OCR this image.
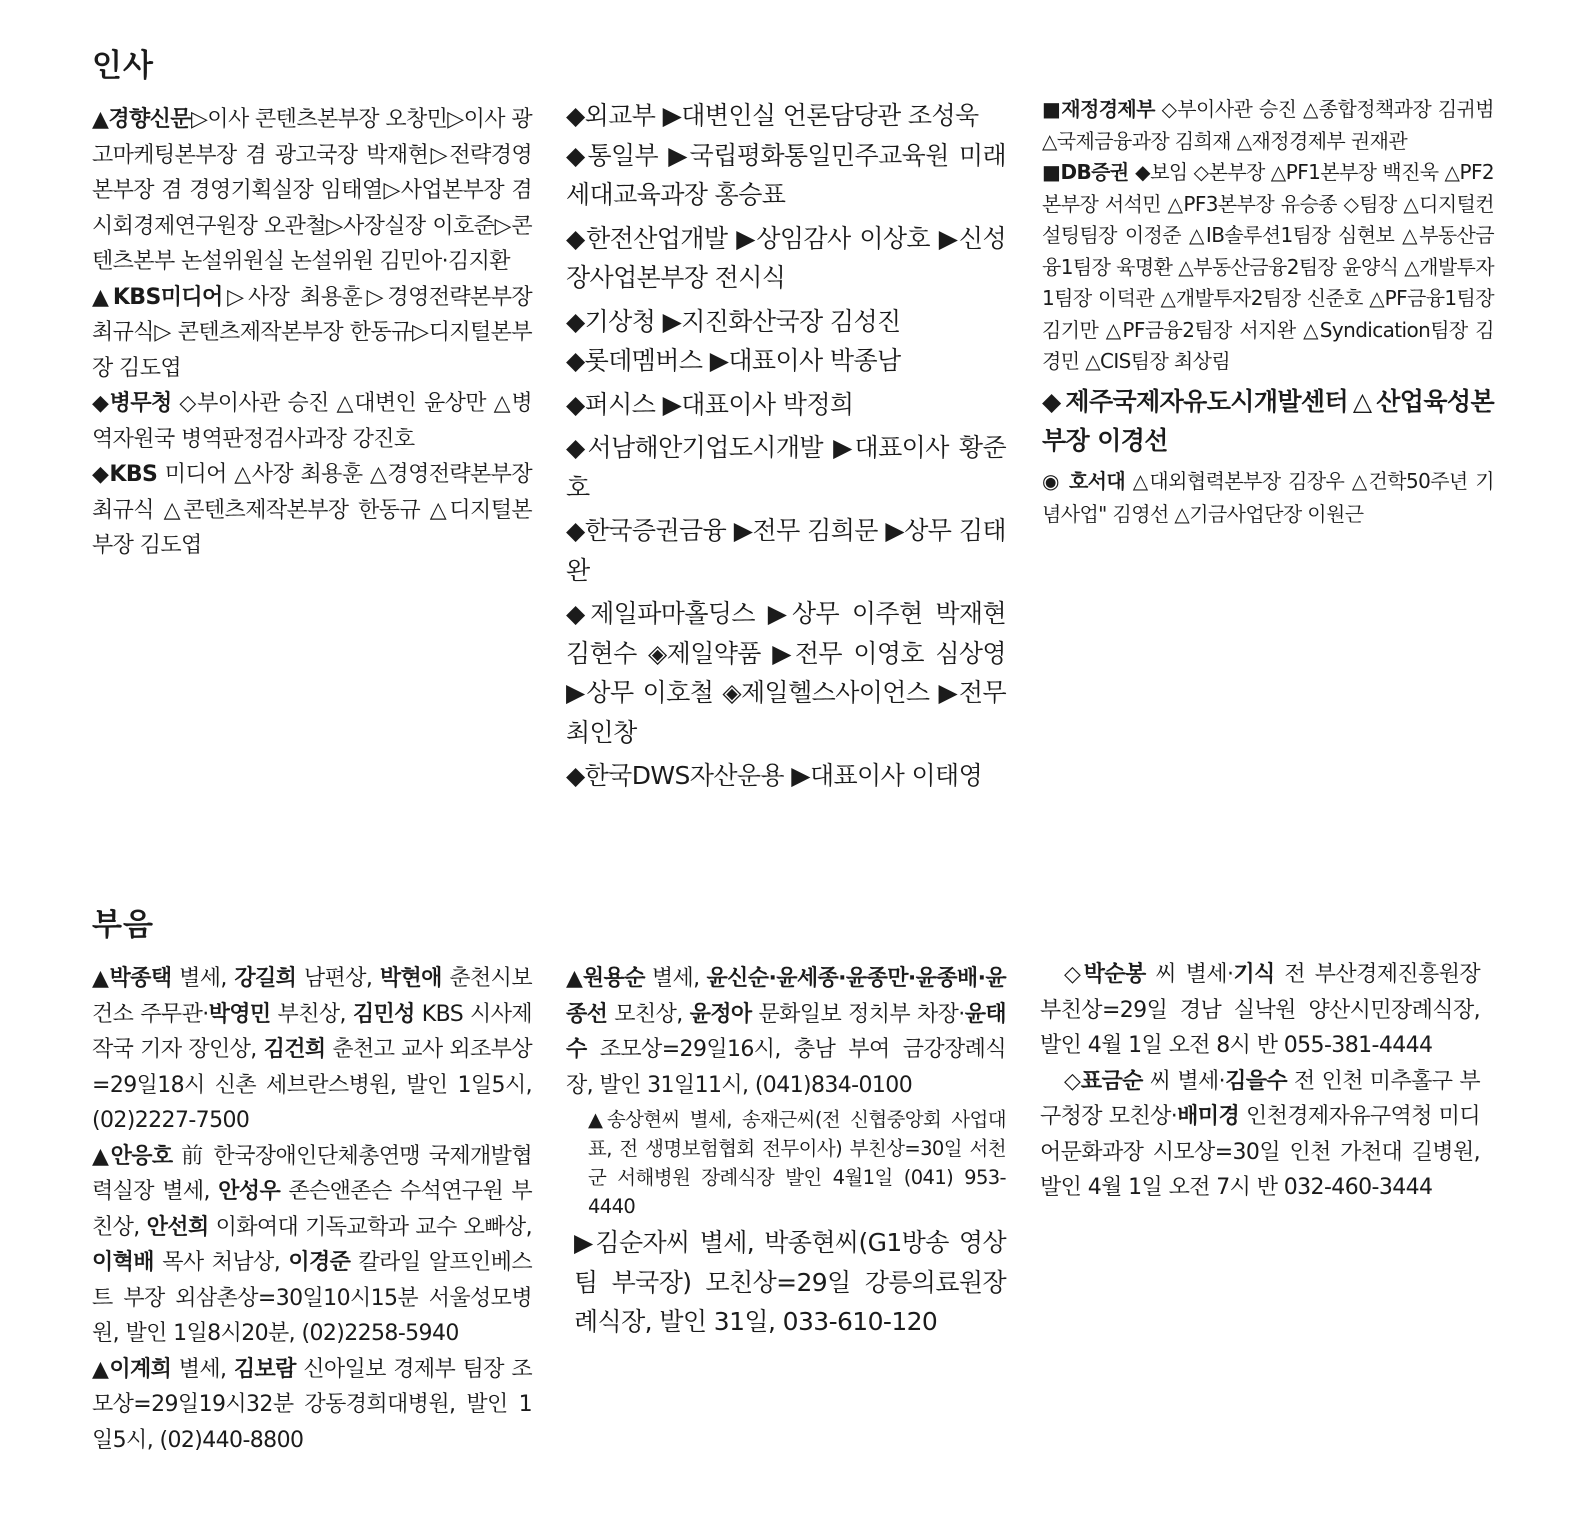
인사

▲경향신문▷이사 콘텐츠본부장 오창민▷이사 광고마케팅본부장 겸 광고국장 박재현▷전략경영본부장 겸 경영기획실장 임태열▷사업본부장 겸 시회경제연구원장 오관철▷사장실장 이호준▷콘텐츠본부 논설위원실 논설위원 김민아·김지환

▲KBS미디어▷사장 최용훈▷경영전략본부장 최규식▷ 콘텐츠제작본부장 한동규▷디지털본부장 김도엽

◆병무청 ◇부이사관 승진 △대변인 윤상만 △병역자원국 병역판정검사과장 강진호

◆KBS 미디어 △사장 최용훈 △경영전략본부장 최규식 △콘텐츠제작본부장 한동규 △디지털본부장 김도엽

◆외교부 ▶대변인실 언론담당관 조성욱

◆통일부 ▶국립평화통일민주교육원 미래세대교육과장 홍승표

◆한전산업개발 ▶상임감사 이상호 ▶신성장사업본부장 전시식

◆기상청 ▶지진화산국장 김성진

◆롯데멤버스 ▶대표이사 박종남

◆퍼시스 ▶대표이사 박정희

◆서남해안기업도시개발 ▶대표이사 황준호

◆한국증권금융 ▶전무 김희문 ▶상무 김태완

◆제일파마홀딩스 ▶상무 이주현 박재현 김현수 ◈제일약품 ▶전무 이영호 심상영 ▶상무 이호철 ◈제일헬스사이언스 ▶전무 최인창

◆한국DWS자산운용 ▶대표이사 이태영

■재정경제부 ◇부이사관 승진 △종합정책과장 김귀범 △국제금융과장 김희재 △재정경제부 권재관

■DB증권 ◆보임 ◇본부장 △PF1본부장 백진욱 △PF2본부장 서석민 △PF3본부장 유승종 ◇팀장 △디지털컨설팅팀장 이정준 △IB솔루션1팀장 심현보 △부동산금융1팀장 육명환 △부동산금융2팀장 윤양식 △개발투자1팀장 이덕관 △개발투자2팀장 신준호 △PF금융1팀장 김기만 △PF금융2팀장 서지완 △Syndication팀장 김경민 △CIS팀장 최상림

◆제주국제자유도시개발센터△산업육성본부장 이경선

◉ 호서대 △대외협력본부장 김장우 △건학50주년 기념사업" 김영선 △기금사업단장 이원근

부음

▲박종택 별세, 강길희 남편상, 박현애 춘천시보건소 주무관·박영민 부친상, 김민성 KBS 시사제작국 기자 장인상, 김건희 춘천고 교사 외조부상=29일18시 신촌 세브란스병원, 발인 1일5시, (02)2227-7500

▲안응호 前 한국장애인단체총연맹 국제개발협력실장 별세, 안성우 존슨앤존슨 수석연구원 부친상, 안선희 이화여대 기독교학과 교수 오빠상, 이혁배 목사 처남상, 이경준 칼라일 알프인베스트 부장 외삼촌상=30일10시15분 서울성모병원, 발인 1일8시20분, (02)2258-5940

▲이계희 별세, 김보람 신아일보 경제부 팀장 조모상=29일19시32분 강동경희대병원, 발인 1일5시, (02)440-8800

▲원용순 별세, 윤신순·윤세종·윤종만·윤종배·윤종선 모친상, 윤정아 문화일보 정치부 차장·윤태수 조모상=29일16시, 충남 부여 금강장례식장, 발인 31일11시, (041)834-0100

▲송상현씨 별세, 송재근씨(전 신협중앙회 사업대표, 전 생명보험협회 전무이사) 부친상=30일 서천군 서해병원 장례식장 발인 4월1일 (041) 953-4440

▶김순자씨 별세, 박종현씨(G1방송 영상팀 부국장) 모친상=29일 강릉의료원장례식장, 발인 31일, 033-610-120

◇박순봉 씨 별세·기식 전 부산경제진흥원장 부친상=29일 경남 실낙원 양산시민장례식장, 발인 4월 1일 오전 8시 반 055-381-4444

◇표금순 씨 별세·김을수 전 인천 미추홀구 부구청장 모친상·배미경 인천경제자유구역청 미디어문화과장 시모상=30일 인천 가천대 길병원, 발인 4월 1일 오전 7시 반 032-460-3444
